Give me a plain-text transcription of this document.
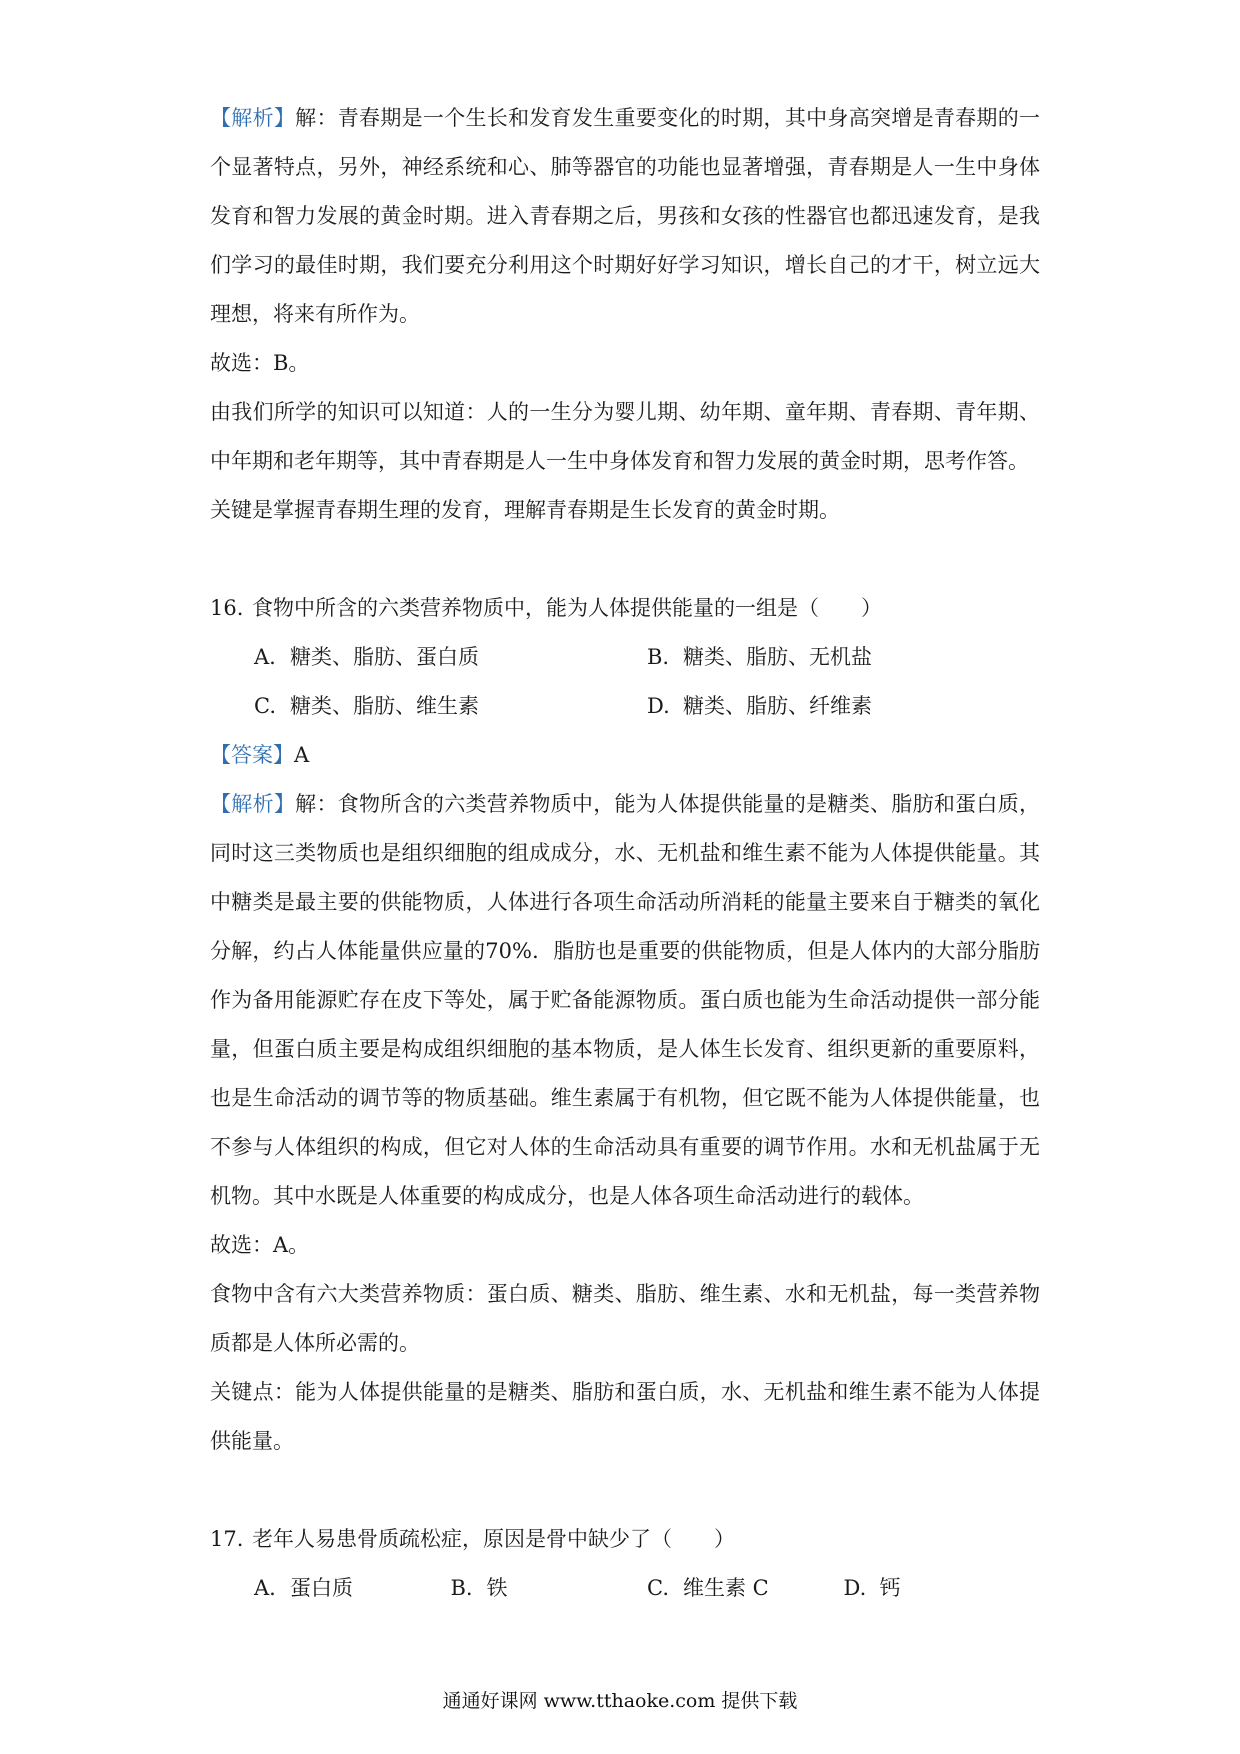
【解析】解：青春期是一个生长和发育发生重要变化的时期，其中身高突增是青春期的一个显著特点，另外，神经系统和心、肺等器官的功能也显著增强，青春期是人一生中身体发育和智力发展的黄金时期。进入青春期之后，男孩和女孩的性器官也都迅速发育，是我们学习的最佳时期，我们要充分利用这个时期好好学习知识，增长自己的才干，树立远大理想，将来有所作为。

故选：B。

由我们所学的知识可以知道：人的一生分为婴儿期、幼年期、童年期、青春期、青年期、中年期和老年期等，其中青春期是人一生中身体发育和智力发展的黄金时期，思考作答。

关键是掌握青春期生理的发育，理解青春期是生长发育的黄金时期。

16. 食物中所含的六类营养物质中，能为人体提供能量的一组是（　　）

A. 糖类、脂肪、蛋白质	B. 糖类、脂肪、无机盐
C. 糖类、脂肪、维生素	D. 糖类、脂肪、纤维素

【答案】A

【解析】解：食物所含的六类营养物质中，能为人体提供能量的是糖类、脂肪和蛋白质，同时这三类物质也是组织细胞的组成成分，水、无机盐和维生素不能为人体提供能量。其中糖类是最主要的供能物质，人体进行各项生命活动所消耗的能量主要来自于糖类的氧化分解，约占人体能量供应量的70%．脂肪也是重要的供能物质，但是人体内的大部分脂肪作为备用能源贮存在皮下等处，属于贮备能源物质。蛋白质也能为生命活动提供一部分能量，但蛋白质主要是构成组织细胞的基本物质，是人体生长发育、组织更新的重要原料，也是生命活动的调节等的物质基础。维生素属于有机物，但它既不能为人体提供能量，也不参与人体组织的构成，但它对人体的生命活动具有重要的调节作用。水和无机盐属于无机物。其中水既是人体重要的构成成分，也是人体各项生命活动进行的载体。

故选：A。

食物中含有六大类营养物质：蛋白质、糖类、脂肪、维生素、水和无机盐，每一类营养物质都是人体所必需的。

关键点：能为人体提供能量的是糖类、脂肪和蛋白质，水、无机盐和维生素不能为人体提供能量。

17. 老年人易患骨质疏松症，原因是骨中缺少了（　　）

A. 蛋白质	B. 铁	C. 维生素 C	D. 钙
通通好课网 www.tthaoke.com 提供下载
